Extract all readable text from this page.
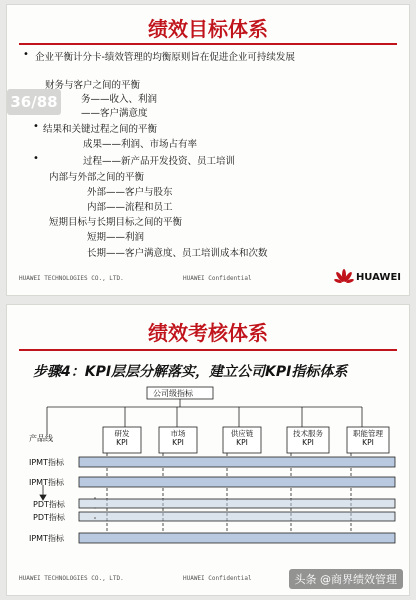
绩效目标体系
36/88
• 企业平衡计分卡-绩效管理的均衡原则旨在促进企业可持续发展
财务与客户之间的平衡
务——收入、利润
——客户满意度
• 结果和关键过程之间的平衡
成果——利润、市场占有率
•	过程——新产品开发投资、员工培训
内部与外部之间的平衡
外部——客户与股东
内部——流程和员工
短期目标与长期目标之间的平衡
短期——利润
长期——客户满意度、员工培训成本和次数
HUAWEI TECHNOLOGIES CO., LTD.	HUAWEI Confidential	HUAWEI
绩效考核体系
步骤4：KPI层层分解落实，建立公司KPI指标体系
公司级指标
产品线
研发
KPI
市场
KPI
供应链
KPI
技术服务
KPI
职能管理
KPI
IPMT指标
IPMT指标
PDT指标
PDT指标
IPMT指标
HUAWEI TECHNOLOGIES CO., LTD.	HUAWEI Confidential	头条 @商界绩效管理
